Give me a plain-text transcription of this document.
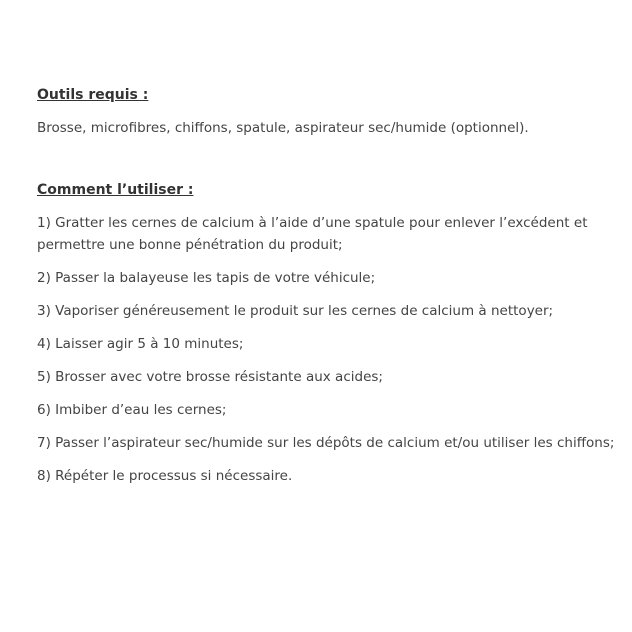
Outils requis :

Brosse, microfibres, chiffons, spatule, aspirateur sec/humide (optionnel).

Comment l’utiliser :

1) Gratter les cernes de calcium à l’aide d’une spatule pour enlever l’excédent et permettre une bonne pénétration du produit;

2) Passer la balayeuse les tapis de votre véhicule;

3) Vaporiser généreusement le produit sur les cernes de calcium à nettoyer;

4) Laisser agir 5 à 10 minutes;

5) Brosser avec votre brosse résistante aux acides;

6) Imbiber d’eau les cernes;

7) Passer l’aspirateur sec/humide sur les dépôts de calcium et/ou utiliser les chiffons;

8) Répéter le processus si nécessaire.
